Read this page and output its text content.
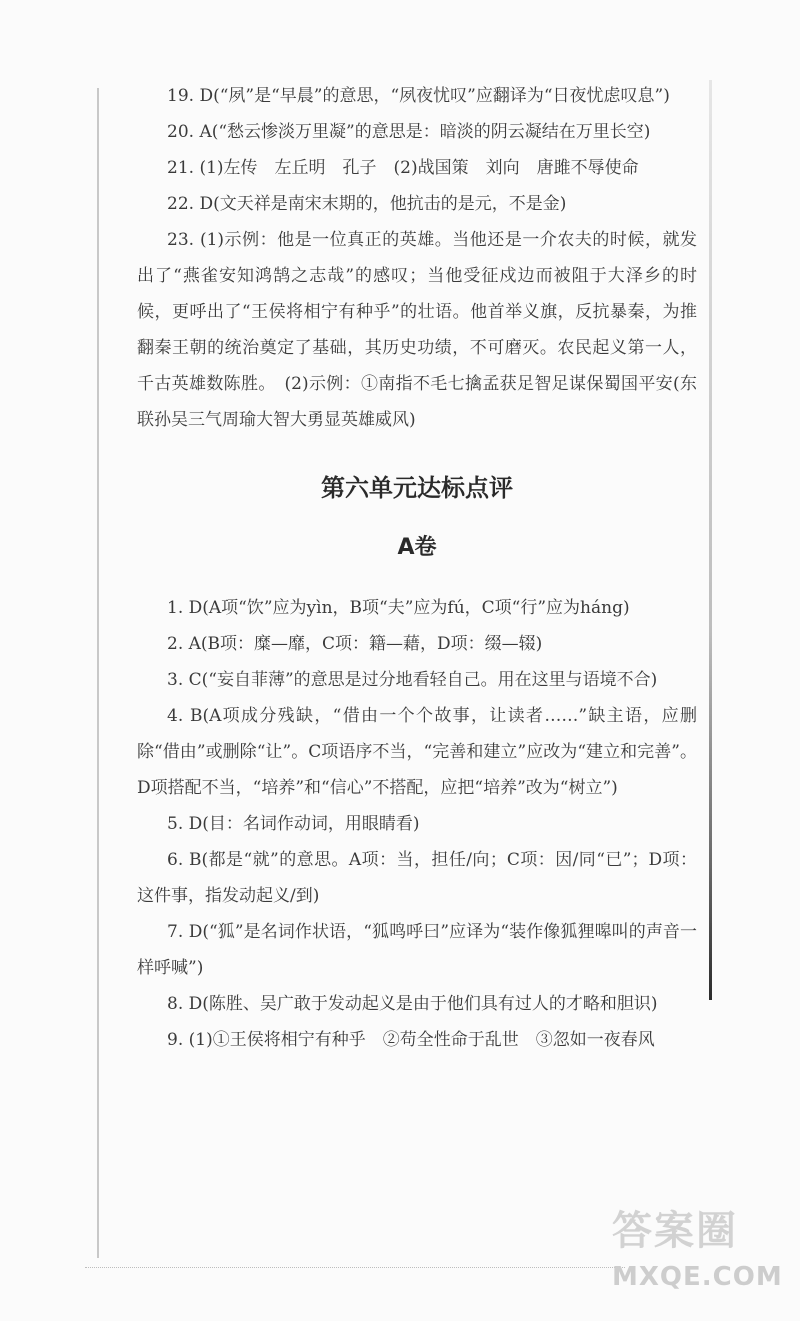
19. D(“夙”是“早晨”的意思，“夙夜忧叹”应翻译为“日夜忧虑叹息”)

20. A(“愁云惨淡万里凝”的意思是：暗淡的阴云凝结在万里长空)

21. (1)左传　左丘明　孔子　(2)战国策　刘向　唐雎不辱使命

22. D(文天祥是南宋末期的，他抗击的是元，不是金)

23. (1)示例：他是一位真正的英雄。当他还是一介农夫的时候，就发出了“燕雀安知鸿鹄之志哉”的感叹；当他受征戍边而被阻于大泽乡的时候，更呼出了“王侯将相宁有种乎”的壮语。他首举义旗，反抗暴秦，为推翻秦王朝的统治奠定了基础，其历史功绩，不可磨灭。农民起义第一人，千古英雄数陈胜。　(2)示例：①南指不毛七擒孟获足智足谋保蜀国平安(东联孙吴三气周瑜大智大勇显英雄威风)

第六单元达标点评
A卷

1. D(A项“饮”应为yìn，B项“夫”应为fú，C项“行”应为háng)

2. A(B项：糜—靡，C项：籍—藉，D项：缀—辍)

3. C(“妄自菲薄”的意思是过分地看轻自己。用在这里与语境不合)

4. B(A项成分残缺，“借由一个个故事，让读者……”缺主语，应删除“借由”或删除“让”。C项语序不当，“完善和建立”应改为“建立和完善”。D项搭配不当，“培养”和“信心”不搭配，应把“培养”改为“树立”)

5. D(目：名词作动词，用眼睛看)

6. B(都是“就”的意思。A项：当，担任/向；C项：因/同“已”；D项：这件事，指发动起义/到)

7. D(“狐”是名词作状语，“狐鸣呼曰”应译为“装作像狐狸嗥叫的声音一样呼喊”)

8. D(陈胜、吴广敢于发动起义是由于他们具有过人的才略和胆识)

9. (1)①王侯将相宁有种乎　②苟全性命于乱世　③忽如一夜春风

答案圈
MXQE.COM
